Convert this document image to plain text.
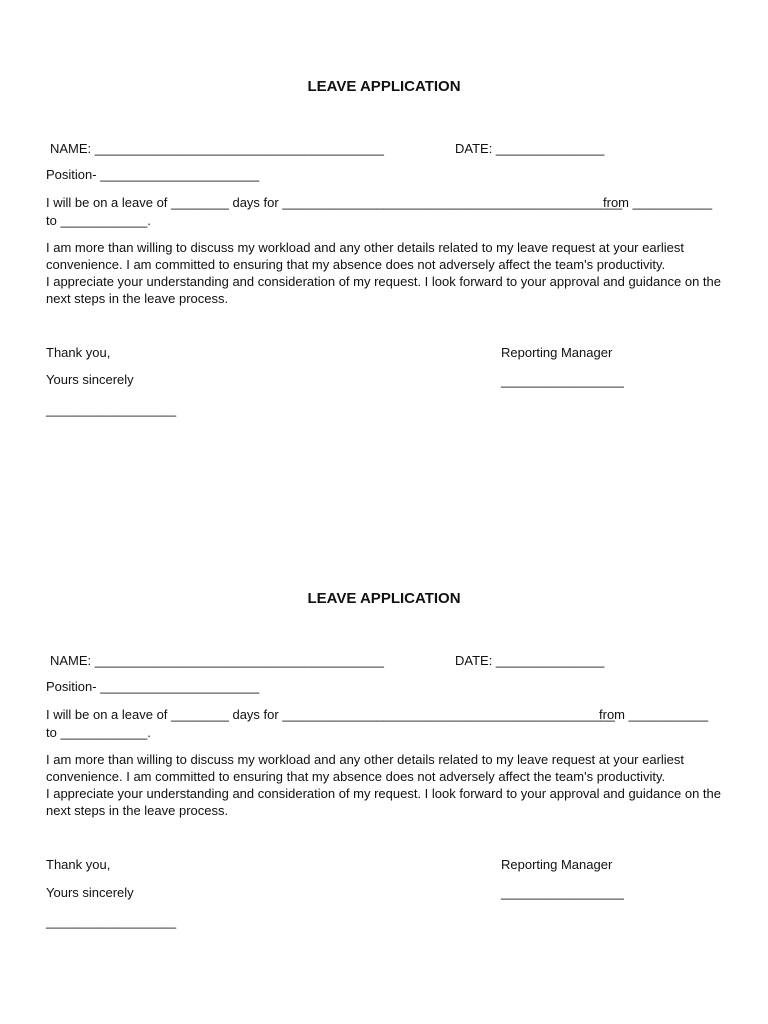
LEAVE APPLICATION
NAME: ________________________________________	DATE: _______________
Position- ______________________
I will be on a leave of ________ days for _______________________________________________
from ___________
to ____________.
I am more than willing to discuss my workload and any other details related to my leave request at your earliest convenience. I am committed to ensuring that my absence does not adversely affect the team's productivity.
I appreciate your understanding and consideration of my request. I look forward to your approval and guidance on the next steps in the leave process.
Thank you,
Yours sincerely
__________________
Reporting Manager
_________________
LEAVE APPLICATION
NAME: ________________________________________	DATE: _______________
Position- ______________________
I will be on a leave of ________ days for ______________________________________________
from ___________
to ____________.
I am more than willing to discuss my workload and any other details related to my leave request at your earliest convenience. I am committed to ensuring that my absence does not adversely affect the team's productivity.
I appreciate your understanding and consideration of my request. I look forward to your approval and guidance on the next steps in the leave process.
Thank you,
Yours sincerely
__________________
Reporting Manager
_________________
